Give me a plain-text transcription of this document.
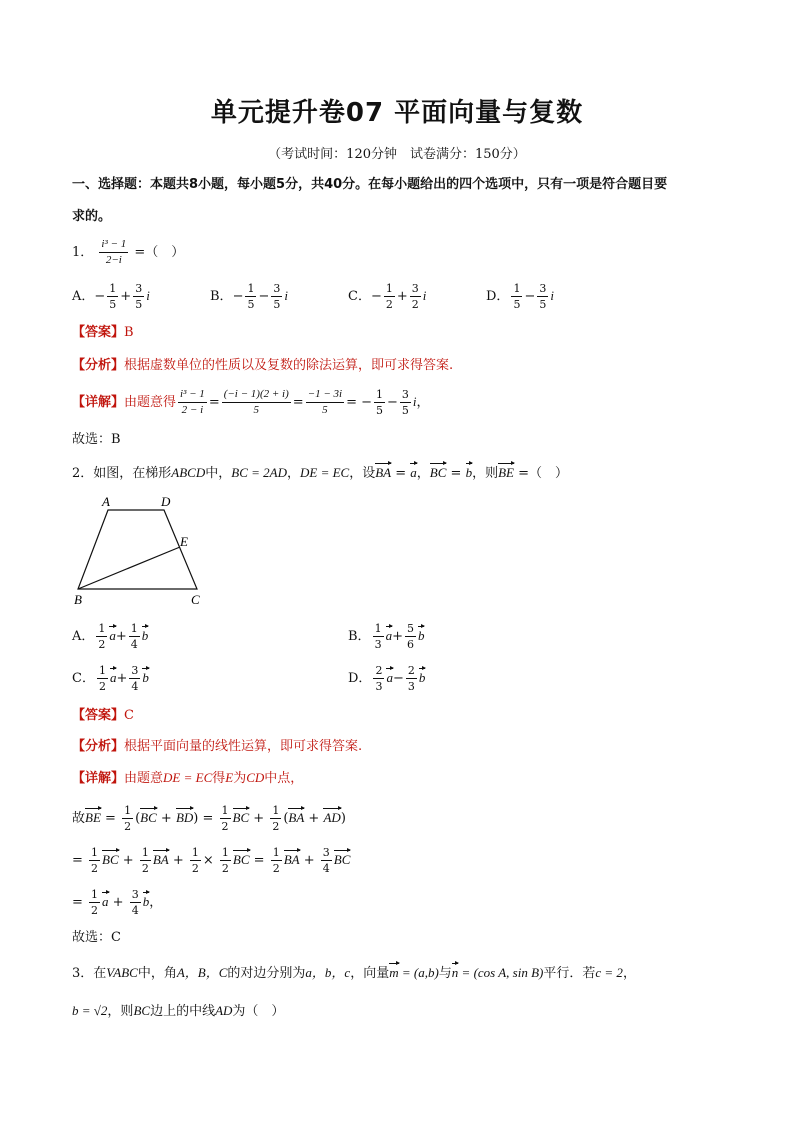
单元提升卷07 平面向量与复数
（考试时间：120分钟　试卷满分：150分）
一、选择题：本题共8小题，每小题5分，共40分。在每小题给出的四个选项中，只有一项是符合题目要
求的。
1． $\frac{\text{i³ − 1}}{2-i}$ =（　）
A．− $\frac{1}{5} + \frac{3}{5}$ i	B．− $\frac{1}{5} - \frac{3}{5}$ i	C．− $\frac{1}{2} + \frac{3}{2}$ i	D． $\frac{1}{5} - \frac{3}{5}$ i
【答案】B
【分析】根据虚数单位的性质以及复数的除法运算，即可求得答案.
【详解】由题意得 $\frac{\text{i³ − 1}}{2 - i} = \frac{(-i - 1)(2 + i)}{5} = \frac{-1 - 3i}{5}$ = − $\frac{1}{5} - \frac{3}{5}$ i，
故选：B
2．如图，在梯形ABCD中，BC = 2AD，DE = EC，设BA = a，BC = b，则BE =（　）
A	D
E
B	C
A． $\frac{1}{2} a+ \frac{1}{4}$ b	B． $\frac{1}{3} a+ \frac{5}{6}$ b
C． $\frac{1}{2} a+ \frac{3}{4}$ b	D． $\frac{2}{3} a- \frac{2}{3}$ b
【答案】C
【分析】根据平面向量的线性运算，即可求得答案.
【详解】由题意DE = EC得E为CD中点，
故BE = $\frac{1}{2} (BC + BD) = \frac{1}{2}$ BC + $\frac{1}{2} (BA + AD)$
= $\frac{1}{2}$ BC + $\frac{1}{2}$ BA + $\frac{1}{2} \times \frac{1}{2}$ BC = $\frac{1}{2}$ BA + $\frac{3}{4}$ BC
= $\frac{1}{2}$ $a + \frac{3}{4}$ b，
故选：C
3．在VABC中，角A，B，C的对边分别为a，b，c，向量m = (a,b)与n = (cos A, sin B)平行．若c = 2，
b = √2，则BC边上的中线AD为（　）
